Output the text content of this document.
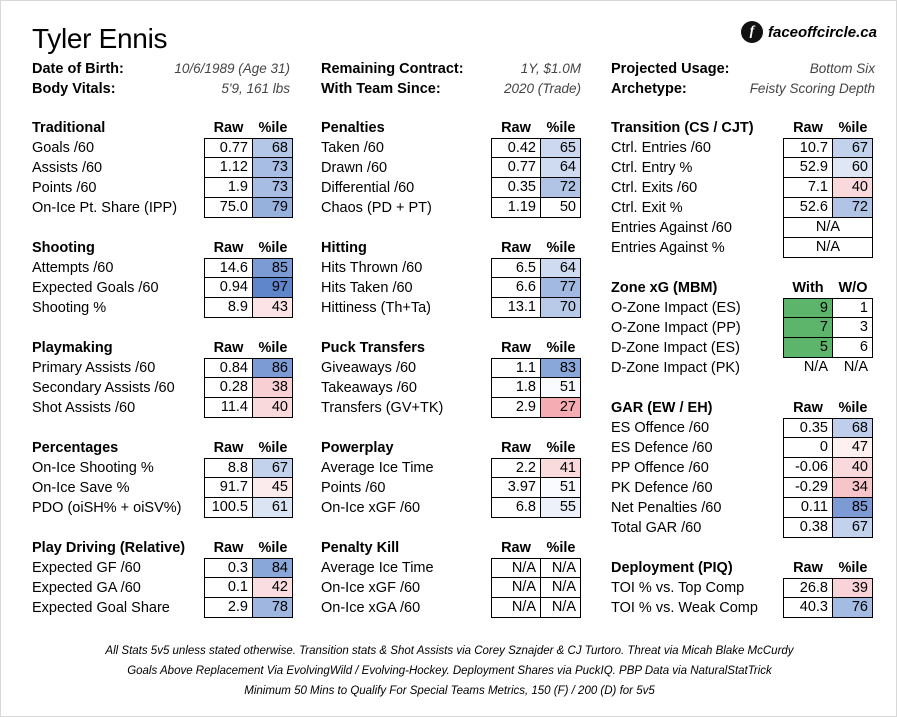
Tyler Ennis	f faceoffcircle.ca
Date of Birth:	10/6/1989 (Age 31)
Body Vitals:	5'9, 161 lbs
Remaining Contract:	1Y, $1.0M
With Team Since:	2020 (Trade)
Projected Usage:	Bottom Six
Archetype:	Feisty Scoring Depth
Traditional	Raw	%ile
Goals /60	0.77	68
Assists /60	1.12	73
Points /60	1.9	73
On-Ice Pt. Share (IPP)	75.0	79
Shooting	Raw	%ile
Attempts /60	14.6	85
Expected Goals /60	0.94	97
Shooting %	8.9	43
Playmaking	Raw	%ile
Primary Assists /60	0.84	86
Secondary Assists /60	0.28	38
Shot Assists /60	11.4	40
Percentages	Raw	%ile
On-Ice Shooting %	8.8	67
On-Ice Save %	91.7	45
PDO (oiSH% + oiSV%)	100.5	61
Play Driving (Relative)	Raw	%ile
Expected GF /60	0.3	84
Expected GA /60	0.1	42
Expected Goal Share	2.9	78
Penalties	Raw	%ile
Taken /60	0.42	65
Drawn /60	0.77	64
Differential /60	0.35	72
Chaos (PD + PT)	1.19	50
Hitting	Raw	%ile
Hits Thrown /60	6.5	64
Hits Taken /60	6.6	77
Hittiness (Th+Ta)	13.1	70
Puck Transfers	Raw	%ile
Giveaways /60	1.1	83
Takeaways /60	1.8	51
Transfers (GV+TK)	2.9	27
Powerplay	Raw	%ile
Average Ice Time	2.2	41
Points /60	3.97	51
On-Ice xGF /60	6.8	55
Penalty Kill	Raw	%ile
Average Ice Time	N/A	N/A
On-Ice xGF /60	N/A	N/A
On-Ice xGA /60	N/A	N/A
Transition (CS / CJT)	Raw	%ile
Ctrl. Entries /60	10.7	67
Ctrl. Entry %	52.9	60
Ctrl. Exits /60	7.1	40
Ctrl. Exit %	52.6	72
Entries Against /60	N/A
Entries Against %	N/A
Zone xG (MBM)	With	W/O
O-Zone Impact (ES)	9	1
O-Zone Impact (PP)	7	3
D-Zone Impact (ES)	5	6
D-Zone Impact (PK)	N/A	N/A
GAR (EW / EH)	Raw	%ile
ES Offence /60	0.35	68
ES Defence /60	0	47
PP Offence /60	-0.06	40
PK Defence /60	-0.29	34
Net Penalties /60	0.11	85
Total GAR /60	0.38	67
Deployment (PIQ)	Raw	%ile
TOI % vs. Top Comp	26.8	39
TOI % vs. Weak Comp	40.3	76
All Stats 5v5 unless stated otherwise. Transition stats & Shot Assists via Corey Sznajder & CJ Turtoro. Threat via Micah Blake McCurdy
Goals Above Replacement Via EvolvingWild / Evolving-Hockey. Deployment Shares via PuckIQ. PBP Data via NaturalStatTrick
Minimum 50 Mins to Qualify For Special Teams Metrics, 150 (F) / 200 (D) for 5v5
